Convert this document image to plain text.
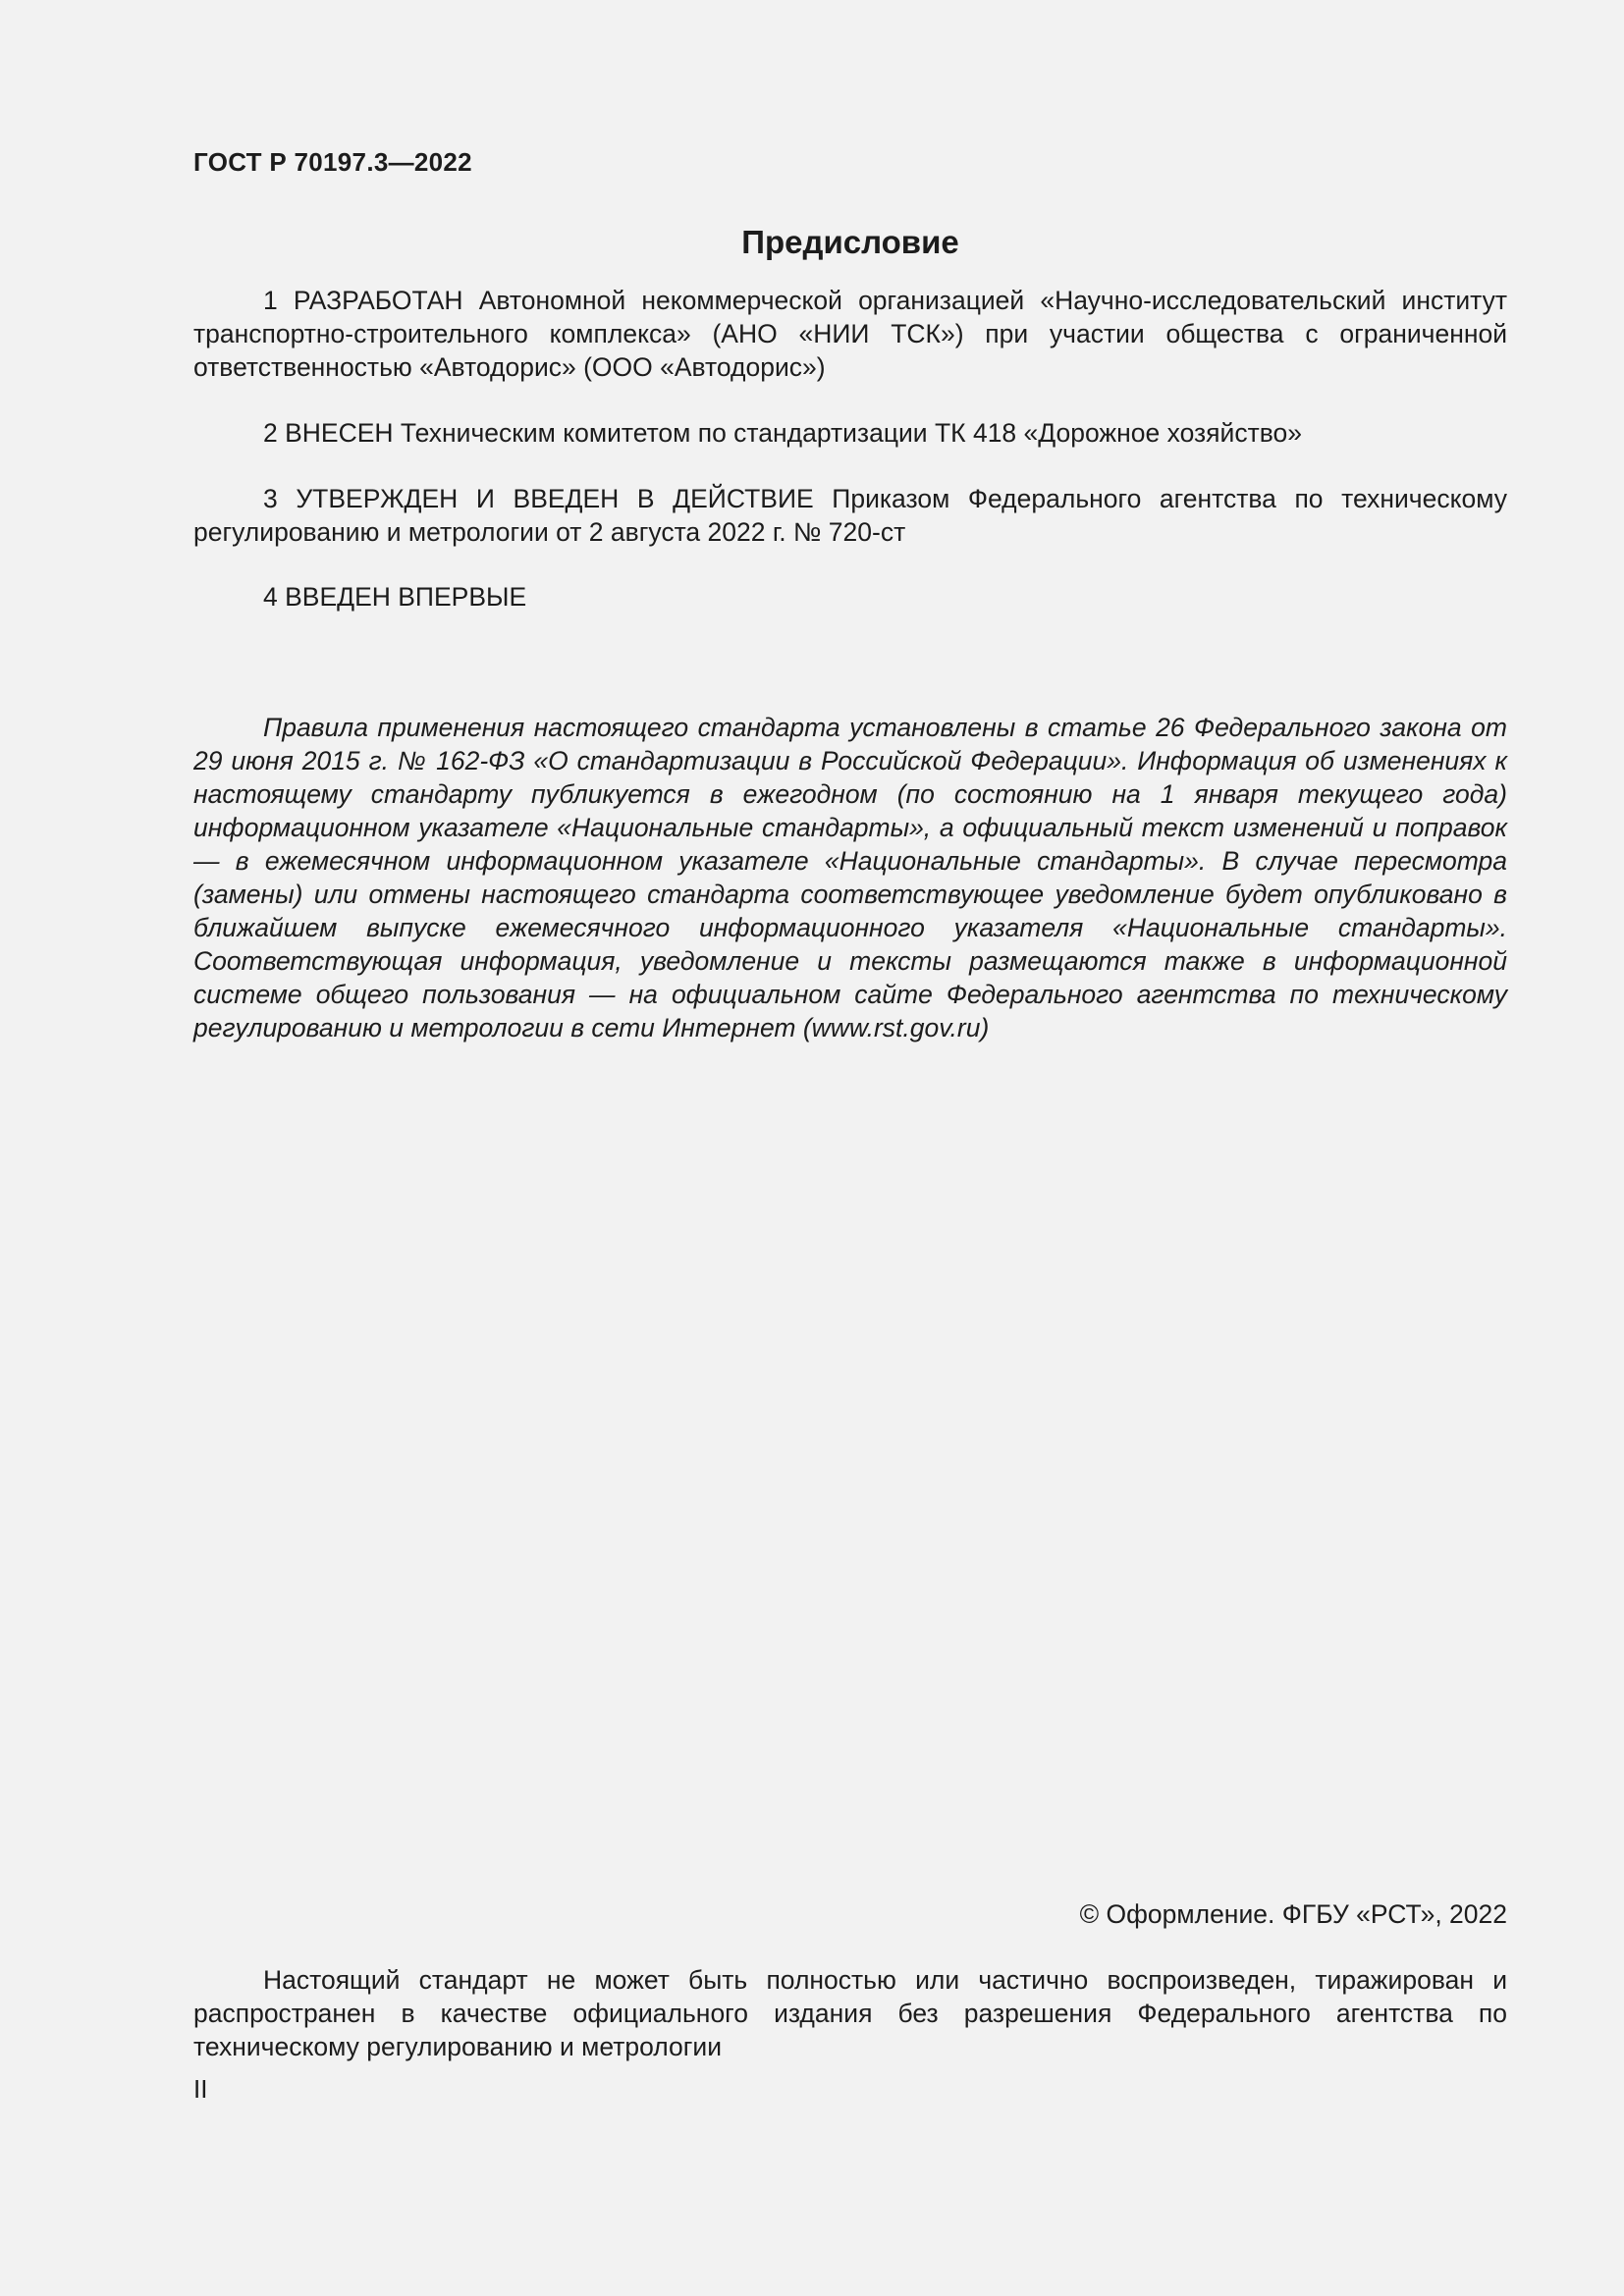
ГОСТ Р 70197.3—2022
Предисловие

1 РАЗРАБОТАН Автономной некоммерческой организацией «Научно-исследовательский институт транспортно-строительного комплекса» (АНО «НИИ ТСК») при участии общества с ограниченной ответственностью «Автодорис» (ООО «Автодорис»)

2 ВНЕСЕН Техническим комитетом по стандартизации ТК 418 «Дорожное хозяйство»

3 УТВЕРЖДЕН И ВВЕДЕН В ДЕЙСТВИЕ Приказом Федерального агентства по техническому регулированию и метрологии от 2 августа 2022 г. № 720-ст

4 ВВЕДЕН ВПЕРВЫЕ

Правила применения настоящего стандарта установлены в статье 26 Федерального закона от 29 июня 2015 г. № 162-ФЗ «О стандартизации в Российской Федерации». Информация об изменениях к настоящему стандарту публикуется в ежегодном (по состоянию на 1 января текущего года) информационном указателе «Национальные стандарты», а официальный текст изменений и поправок — в ежемесячном информационном указателе «Национальные стандарты». В случае пересмотра (замены) или отмены настоящего стандарта соответствующее уведомление будет опубликовано в ближайшем выпуске ежемесячного информационного указателя «Национальные стандарты». Соответствующая информация, уведомление и тексты размещаются также в информационной системе общего пользования — на официальном сайте Федерального агентства по техническому регулированию и метрологии в сети Интернет (www.rst.gov.ru)

© Оформление. ФГБУ «РСТ», 2022

Настоящий стандарт не может быть полностью или частично воспроизведен, тиражирован и распространен в качестве официального издания без разрешения Федерального агентства по техническому регулированию и метрологии

II
